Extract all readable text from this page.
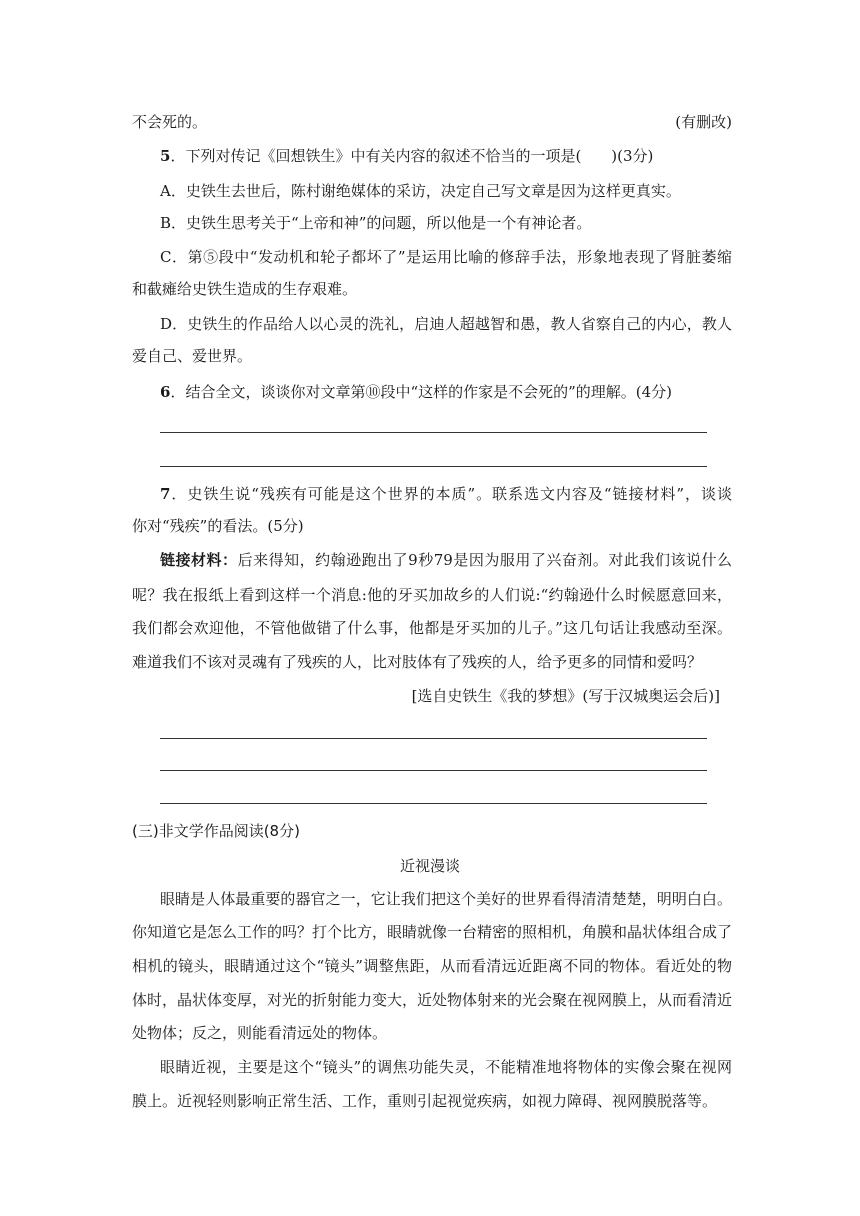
不会死的。	(有删改)
5．下列对传记《回想铁生》中有关内容的叙述不恰当的一项是(　　)(3分)
A．史铁生去世后，陈村谢绝媒体的采访，决定自己写文章是因为这样更真实。
B．史铁生思考关于“上帝和神”的问题，所以他是一个有神论者。
C．第⑤段中“发动机和轮子都坏了”是运用比喻的修辞手法，形象地表现了肾脏萎缩
和截瘫给史铁生造成的生存艰难。
D．史铁生的作品给人以心灵的洗礼，启迪人超越智和愚，教人省察自己的内心，教人
爱自己、爱世界。
6．结合全文，谈谈你对文章第⑩段中“这样的作家是不会死的”的理解。(4分)
7．史铁生说“残疾有可能是这个世界的本质”。联系选文内容及“链接材料”，谈谈
你对“残疾”的看法。(5分)
链接材料：后来得知，约翰逊跑出了9秒79是因为服用了兴奋剂。对此我们该说什么
呢？我在报纸上看到这样一个消息:他的牙买加故乡的人们说:“约翰逊什么时候愿意回来，
我们都会欢迎他，不管他做错了什么事，他都是牙买加的儿子。”这几句话让我感动至深。
难道我们不该对灵魂有了残疾的人，比对肢体有了残疾的人，给予更多的同情和爱吗？
[选自史铁生《我的梦想》(写于汉城奥运会后)]
(三)非文学作品阅读(8分)
近视漫谈
眼睛是人体最重要的器官之一，它让我们把这个美好的世界看得清清楚楚，明明白白。
你知道它是怎么工作的吗？打个比方，眼睛就像一台精密的照相机，角膜和晶状体组合成了
相机的镜头，眼睛通过这个“镜头”调整焦距，从而看清远近距离不同的物体。看近处的物
体时，晶状体变厚，对光的折射能力变大，近处物体射来的光会聚在视网膜上，从而看清近
处物体；反之，则能看清远处的物体。
眼睛近视，主要是这个“镜头”的调焦功能失灵，不能精准地将物体的实像会聚在视网
膜上。近视轻则影响正常生活、工作，重则引起视觉疾病，如视力障碍、视网膜脱落等。
